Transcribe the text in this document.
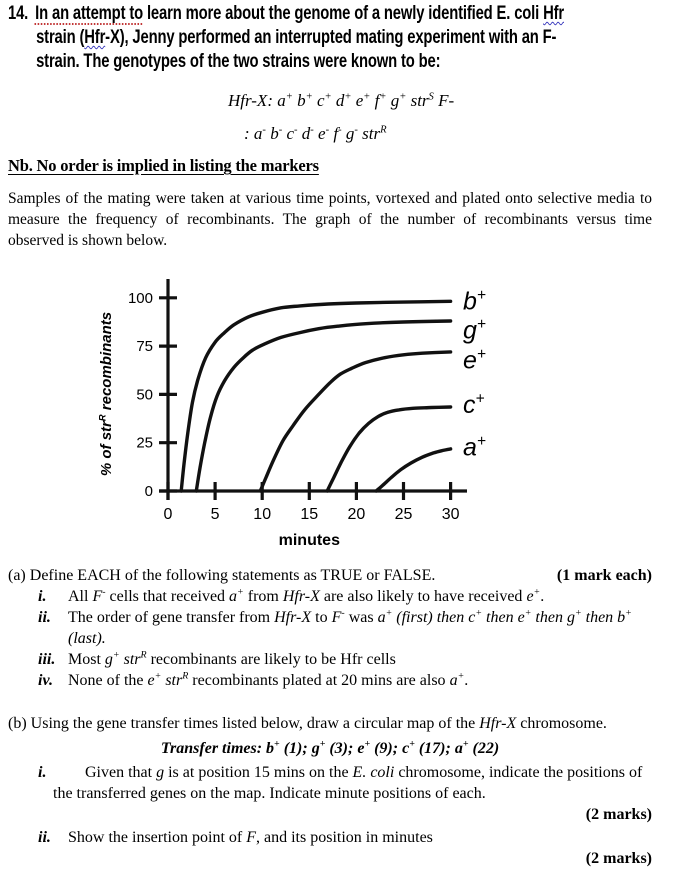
14. In an attempt to learn more about the genome of a newly identified E. coli Hfr
strain (Hfr-X), Jenny performed an interrupted mating experiment with an F-
strain. The genotypes of the two strains were known to be:
Hfr-X: a+ b+ c+ d+ e+ f+ g+ str$^S$ F-
: a- b- c- d- e- f- g- str$^R$
Nb. No order is implied in listing the markers
Samples of the mating were taken at various time points, vortexed and plated onto selective media to measure the frequency of recombinants. The graph of the number of recombinants versus time observed is shown below.
0
25
50
75
100
0 5 10 15 20 25 30
minutes
% of str$^R$ recombinants
b+
g+
e+
c+
a+
(a) Define EACH of the following statements as TRUE or FALSE.	(1 mark each)
i.	All F- cells that received a+ from Hfr-X are also likely to have received e+.
ii.	The order of gene transfer from Hfr-X to F- was a+ (first) then c+ then e+ then g+ then b+ (last).
iii. Most g+ str$^R$ recombinants are likely to be Hfr cells
iv. None of the e+ str$^R$ recombinants plated at 20 mins are also a+.
(b) Using the gene transfer times listed below, draw a circular map of the Hfr-X chromosome.
Transfer times: b+ (1); g+ (3); e+ (9); c+ (17); a+ (22)
i.	Given that g is at position 15 mins on the E. coli chromosome, indicate the positions of the transferred genes on the map. Indicate minute positions of each.
(2 marks)
ii.	Show the insertion point of F, and its position in minutes
(2 marks)
